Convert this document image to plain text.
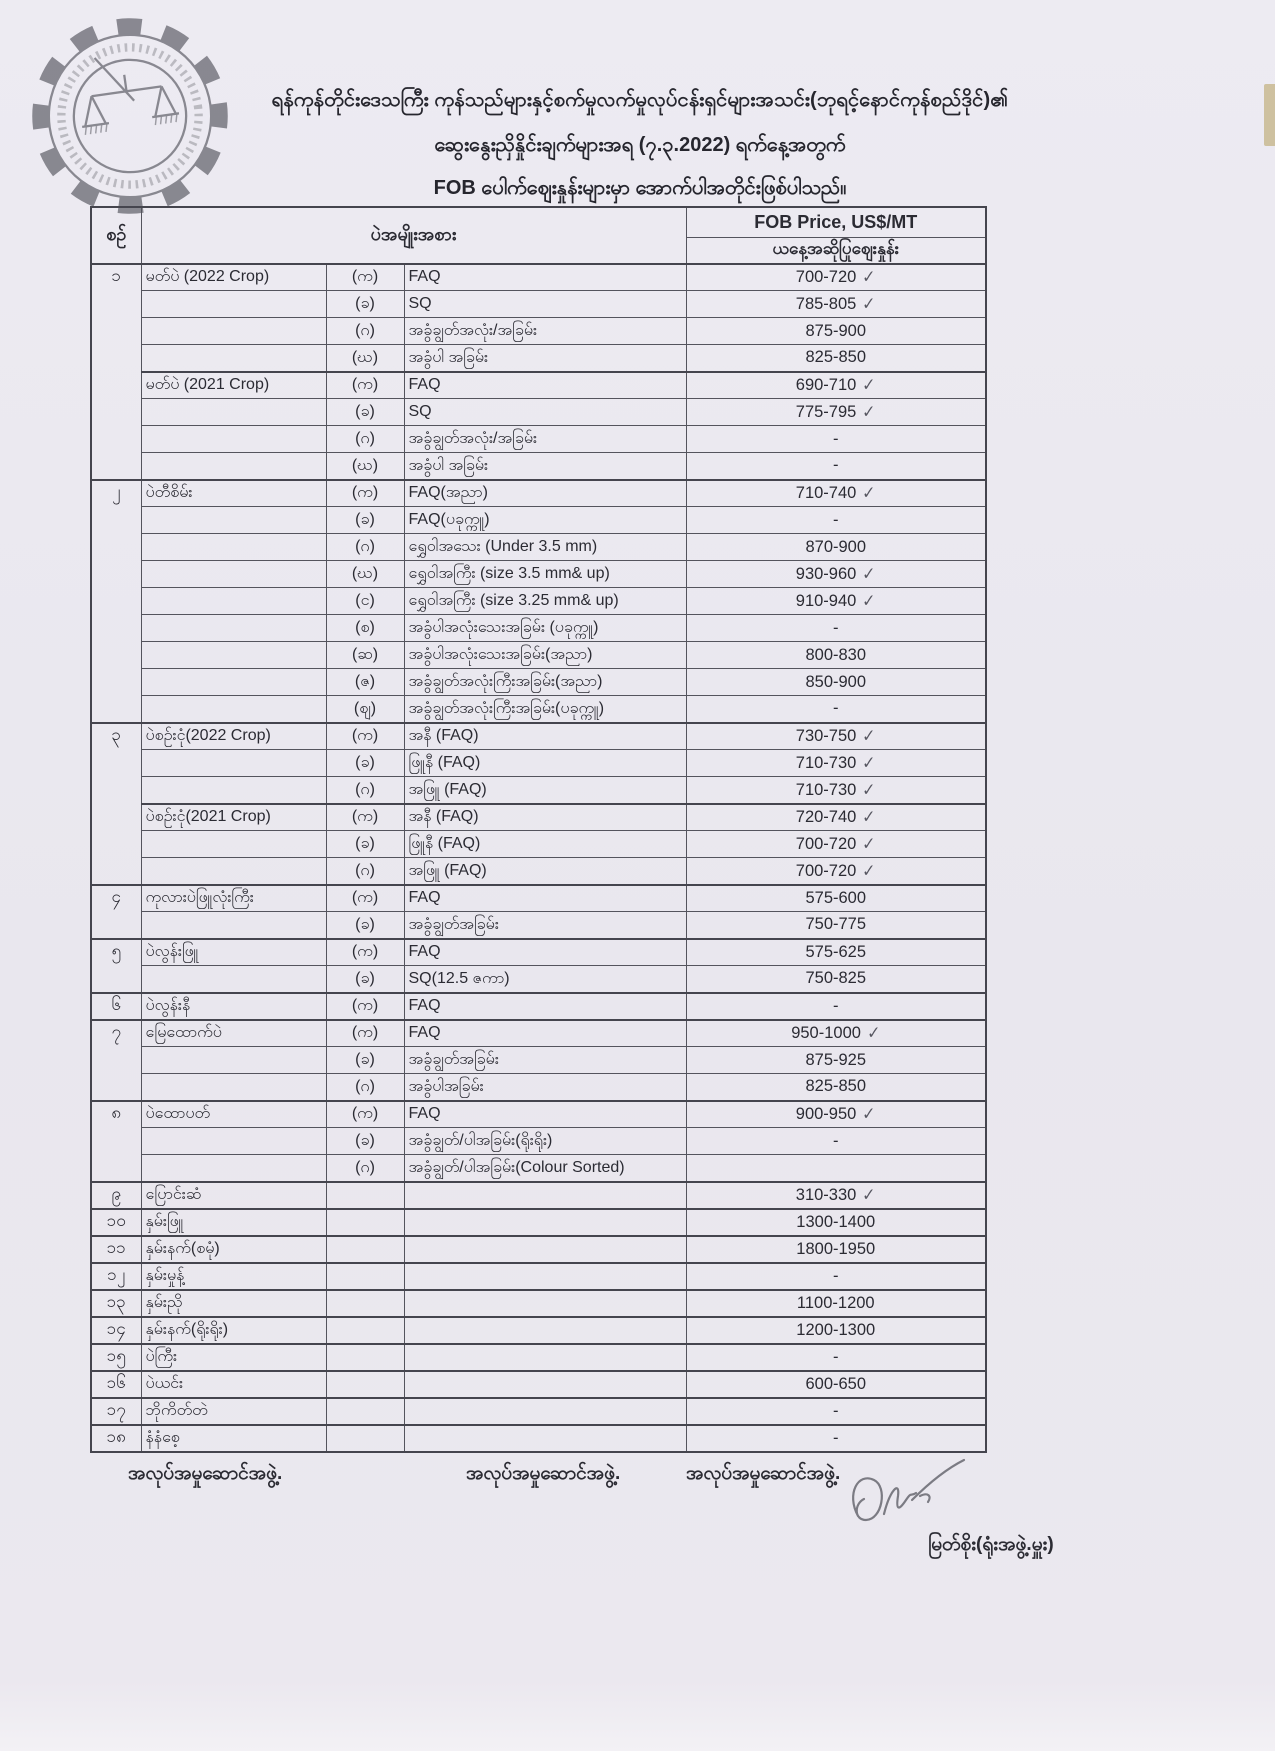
ရန်ကုန်တိုင်းဒေသကြီး ကုန်သည်များနှင့်စက်မှုလက်မှုလုပ်ငန်းရှင်များအသင်း(ဘုရင့်နောင်ကုန်စည်ဒိုင်)၏
ဆွေးနွေးညှိနှိုင်းချက်များအရ (၇.၃.2022) ရက်နေ့အတွက်
FOB ပေါက်ဈေးနှုန်းများမှာ အောက်ပါအတိုင်းဖြစ်ပါသည်။
စဉ်	ပဲအမျိုးအစား			FOB Price, US$/MT
				ယနေ့အဆိုပြုဈေးနှုန်း
၁	မတ်ပဲ (2022 Crop)	(က)	FAQ	700-720 ✓
		(ခ)	SQ	785-805 ✓
		(ဂ)	အခွံချွတ်အလုံး/အခြမ်း	875-900
		(ဃ)	အခွံပါ အခြမ်း	825-850
	မတ်ပဲ (2021 Crop)	(က)	FAQ	690-710 ✓
		(ခ)	SQ	775-795 ✓
		(ဂ)	အခွံချွတ်အလုံး/အခြမ်း	-
		(ဃ)	အခွံပါ အခြမ်း	-
၂	ပဲတီစိမ်း	(က)	FAQ(အညာ)	710-740 ✓
		(ခ)	FAQ(ပခုက္ကူ)	-
		(ဂ)	ရွှေဝါအသေး (Under 3.5 mm)	870-900
		(ဃ)	ရွှေဝါအကြီး (size 3.5 mm& up)	930-960 ✓
		(င)	ရွှေဝါအကြီး (size 3.25 mm& up)	910-940 ✓
		(စ)	အခွံပါအလုံးသေးအခြမ်း (ပခုက္ကူ)	-
		(ဆ)	အခွံပါအလုံးသေးအခြမ်း(အညာ)	800-830
		(ဇ)	အခွံချွတ်အလုံးကြီးအခြမ်း(အညာ)	850-900
		(စျ)	အခွံချွတ်အလုံးကြီးအခြမ်း(ပခုက္ကူ)	-
၃	ပဲစဉ်းငုံ(2022 Crop)	(က)	အနီ (FAQ)	730-750 ✓
		(ခ)	ဖြူနီ (FAQ)	710-730 ✓
		(ဂ)	အဖြူ (FAQ)	710-730 ✓
	ပဲစဉ်းငုံ(2021 Crop)	(က)	အနီ (FAQ)	720-740 ✓
		(ခ)	ဖြူနီ (FAQ)	700-720 ✓
		(ဂ)	အဖြူ (FAQ)	700-720 ✓
၄	ကုလားပဲဖြူလုံးကြီး	(က)	FAQ	575-600
		(ခ)	အခွံချွတ်အခြမ်း	750-775
၅	ပဲလွန်းဖြူ	(က)	FAQ	575-625
		(ခ)	SQ(12.5 ဇကာ)	750-825
၆	ပဲလွန်းနီ	(က)	FAQ	-
၇	မြေထောက်ပဲ	(က)	FAQ	950-1000 ✓
		(ခ)	အခွံချွတ်အခြမ်း	875-925
		(ဂ)	အခွံပါအခြမ်း	825-850
၈	ပဲထောပတ်	(က)	FAQ	900-950 ✓
		(ခ)	အခွံချွတ်/ပါအခြမ်း(ရိုးရိုး)	-
		(ဂ)	အခွံချွတ်/ပါအခြမ်း(Colour Sorted)	
၉	ပြောင်းဆံ			310-330 ✓
၁၀	နှမ်းဖြူ			1300-1400
၁၁	နှမ်းနက်(စမုံ)			1800-1950
၁၂	နှမ်းမှုန့်			-
၁၃	နှမ်းညို			1100-1200
၁၄	နှမ်းနက်(ရိုးရိုး)			1200-1300
၁၅	ပဲကြီး			-
၁၆	ပဲယင်း			600-650
၁၇	ဘိုကိတ်တဲ			-
၁၈	နံနံစေ့			-
အလုပ်အမှုဆောင်အဖွဲ့.	အလုပ်အမှုဆောင်အဖွဲ့.	အလုပ်အမှုဆောင်အဖွဲ့.
မြတ်စိုး(ရုံးအဖွဲ့.မှူး)
